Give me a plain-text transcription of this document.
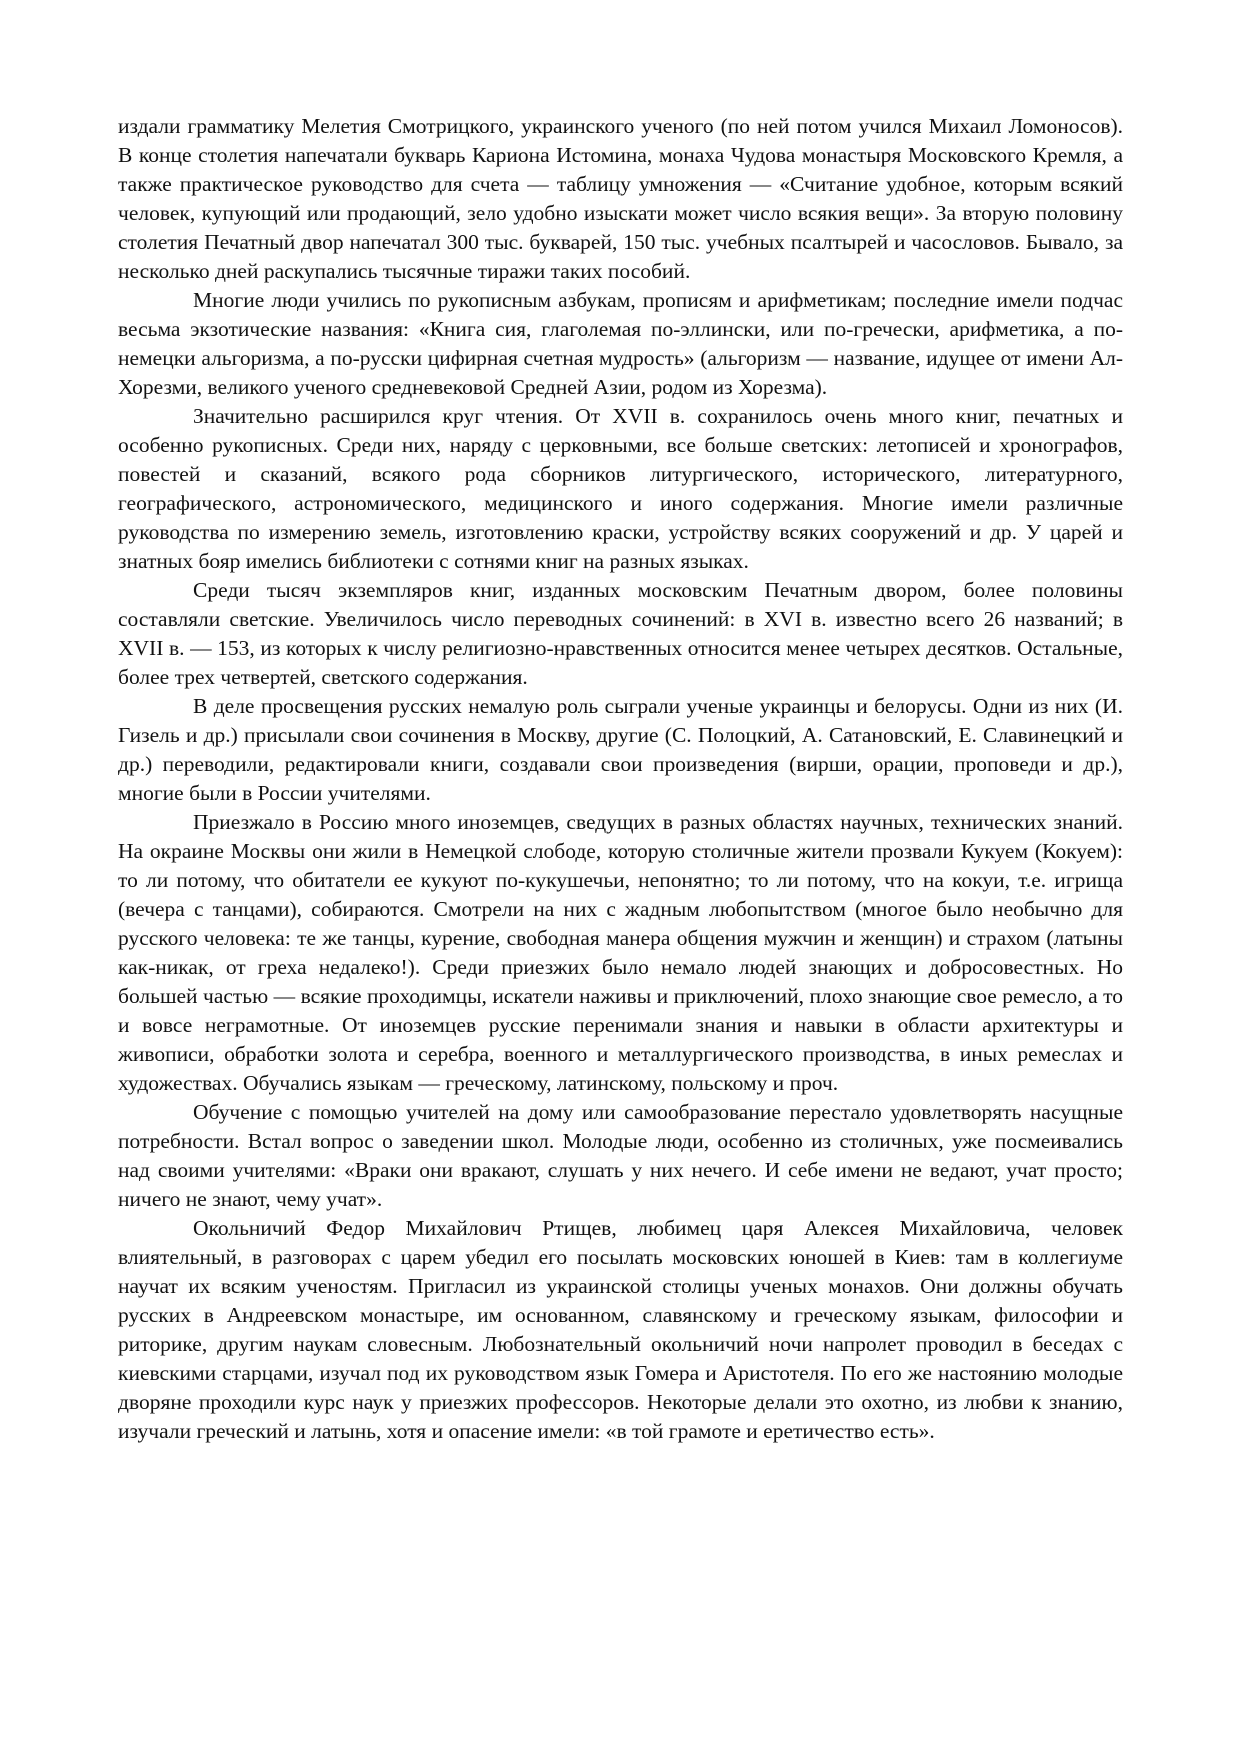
издали грамматику Мелетия Смотрицкого, украинского ученого (по ней потом учился Михаил Ломоносов). В конце столетия напечатали букварь Кариона Истомина, монаха Чудова монастыря Московского Кремля, а также практическое руководство для счета — таблицу умножения — «Считание удобное, которым всякий человек, купующий или продающий, зело удобно изыскати может число всякия вещи». За вторую половину столетия Печатный двор напечатал 300 тыс. букварей, 150 тыс. учебных псалтырей и часословов. Бывало, за несколько дней раскупались тысячные тиражи таких пособий.

Многие люди учились по рукописным азбукам, прописям и арифметикам; последние имели подчас весьма экзотические названия: «Книга сия, глаголемая по-эллински, или по-гречески, арифметика, а по-немецки альгоризма, а по-русски цифирная счетная мудрость» (альгоризм — название, идущее от имени Ал-Хорезми, великого ученого средневековой Средней Азии, родом из Хорезма).

Значительно расширился круг чтения. От XVII в. сохранилось очень много книг, печатных и особенно рукописных. Среди них, наряду с церковными, все больше светских: летописей и хронографов, повестей и сказаний, всякого рода сборников литургического, исторического, литературного, географического, астрономического, медицинского и иного содержания. Многие имели различные руководства по измерению земель, изготовлению краски, устройству всяких сооружений и др. У царей и знатных бояр имелись библиотеки с сотнями книг на разных языках.

Среди тысяч экземпляров книг, изданных московским Печатным двором, более половины составляли светские. Увеличилось число переводных сочинений: в XVI в. известно всего 26 названий; в XVII в. — 153, из которых к числу религиозно-нравственных относится менее четырех десятков. Остальные, более трех четвертей, светского содержания.

В деле просвещения русских немалую роль сыграли ученые украинцы и белорусы. Одни из них (И. Гизель и др.) присылали свои сочинения в Москву, другие (С. Полоцкий, А. Сатановский, Е. Славинецкий и др.) переводили, редактировали книги, создавали свои произведения (вирши, орации, проповеди и др.), многие были в России учителями.

Приезжало в Россию много иноземцев, сведущих в разных областях научных, технических знаний. На окраине Москвы они жили в Немецкой слободе, которую столичные жители прозвали Кукуем (Кокуем): то ли потому, что обитатели ее кукуют по-кукушечьи, непонятно; то ли потому, что на кокуи, т.е. игрища (вечера с танцами), собираются. Смотрели на них с жадным любопытством (многое было необычно для русского человека: те же танцы, курение, свободная манера общения мужчин и женщин) и страхом (латыны как-никак, от греха недалеко!). Среди приезжих было немало людей знающих и добросовестных. Но большей частью — всякие проходимцы, искатели наживы и приключений, плохо знающие свое ремесло, а то и вовсе неграмотные. От иноземцев русские перенимали знания и навыки в области архитектуры и живописи, обработки золота и серебра, военного и металлургического производства, в иных ремеслах и художествах. Обучались языкам — греческому, латинскому, польскому и проч.

Обучение с помощью учителей на дому или самообразование перестало удовлетворять насущные потребности. Встал вопрос о заведении школ. Молодые люди, особенно из столичных, уже посмеивались над своими учителями: «Враки они вракают, слушать у них нечего. И себе имени не ведают, учат просто; ничего не знают, чему учат».

Окольничий Федор Михайлович Ртищев, любимец царя Алексея Михайловича, человек влиятельный, в разговорах с царем убедил его посылать московских юношей в Киев: там в коллегиуме научат их всяким ученостям. Пригласил из украинской столицы ученых монахов. Они должны обучать русских в Андреевском монастыре, им основанном, славянскому и греческому языкам, философии и риторике, другим наукам словесным. Любознательный окольничий ночи напролет проводил в беседах с киевскими старцами, изучал под их руководством язык Гомера и Аристотеля. По его же настоянию молодые дворяне проходили курс наук у приезжих профессоров. Некоторые делали это охотно, из любви к знанию, изучали греческий и латынь, хотя и опасение имели: «в той грамоте и еретичество есть».
